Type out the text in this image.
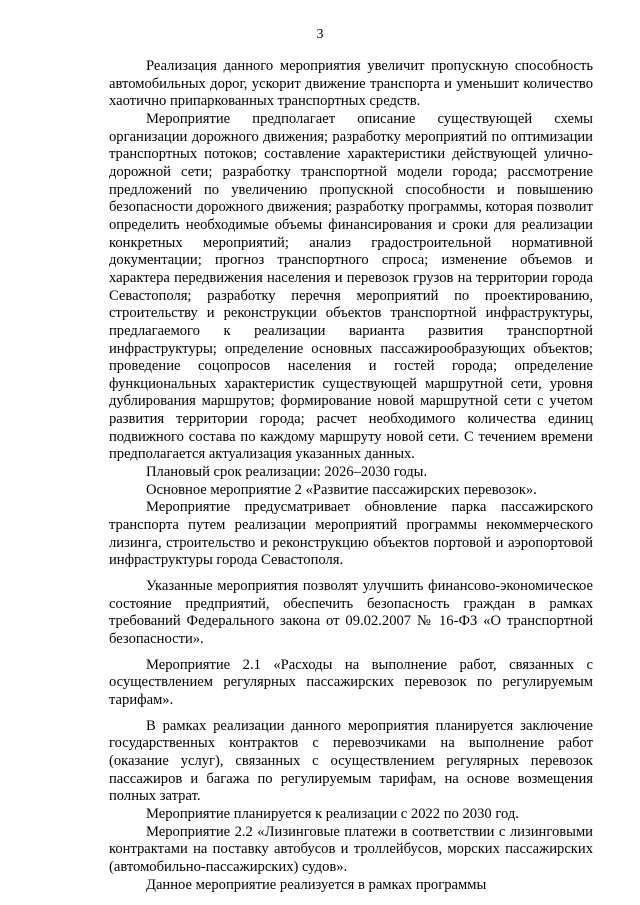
3

Реализация данного мероприятия увеличит пропускную способность автомобильных дорог, ускорит движение транспорта и уменьшит количество хаотично припаркованных транспортных средств.

Мероприятие предполагает описание существующей схемы организации дорожного движения; разработку мероприятий по оптимизации транспортных потоков; составление характеристики действующей улично-дорожной сети; разработку транспортной модели города; рассмотрение предложений по увеличению пропускной способности и повышению безопасности дорожного движения; разработку программы, которая позволит определить необходимые объемы финансирования и сроки для реализации конкретных мероприятий; анализ градостроительной нормативной документации; прогноз транспортного спроса; изменение объемов и характера передвижения населения и перевозок грузов на территории города Севастополя; разработку перечня мероприятий по проектированию, строительству и реконструкции объектов транспортной инфраструктуры, предлагаемого к реализации варианта развития транспортной инфраструктуры; определение основных пассажирообразующих объектов; проведение соцопросов населения и гостей города; определение функциональных характеристик существующей маршрутной сети, уровня дублирования маршрутов; формирование новой маршрутной сети с учетом развития территории города; расчет необходимого количества единиц подвижного состава по каждому маршруту новой сети. С течением времени предполагается актуализация указанных данных.

Плановый срок реализации: 2026–2030 годы.

Основное мероприятие 2 «Развитие пассажирских перевозок».

Мероприятие предусматривает обновление парка пассажирского транспорта путем реализации мероприятий программы некоммерческого лизинга, строительство и реконструкцию объектов портовой и аэропортовой инфраструктуры города Севастополя.

Указанные мероприятия позволят улучшить финансово-экономическое состояние предприятий, обеспечить безопасность граждан в рамках требований Федерального закона от 09.02.2007 № 16-ФЗ «О транспортной безопасности».

Мероприятие 2.1 «Расходы на выполнение работ, связанных с осуществлением регулярных пассажирских перевозок по регулируемым тарифам».

В рамках реализации данного мероприятия планируется заключение государственных контрактов с перевозчиками на выполнение работ (оказание услуг), связанных с осуществлением регулярных перевозок пассажиров и багажа по регулируемым тарифам, на основе возмещения полных затрат.

Мероприятие планируется к реализации с 2022 по 2030 год.

Мероприятие 2.2 «Лизинговые платежи в соответствии с лизинговыми контрактами на поставку автобусов и троллейбусов, морских пассажирских (автомобильно-пассажирских) судов».

Данное мероприятие реализуется в рамках программы
